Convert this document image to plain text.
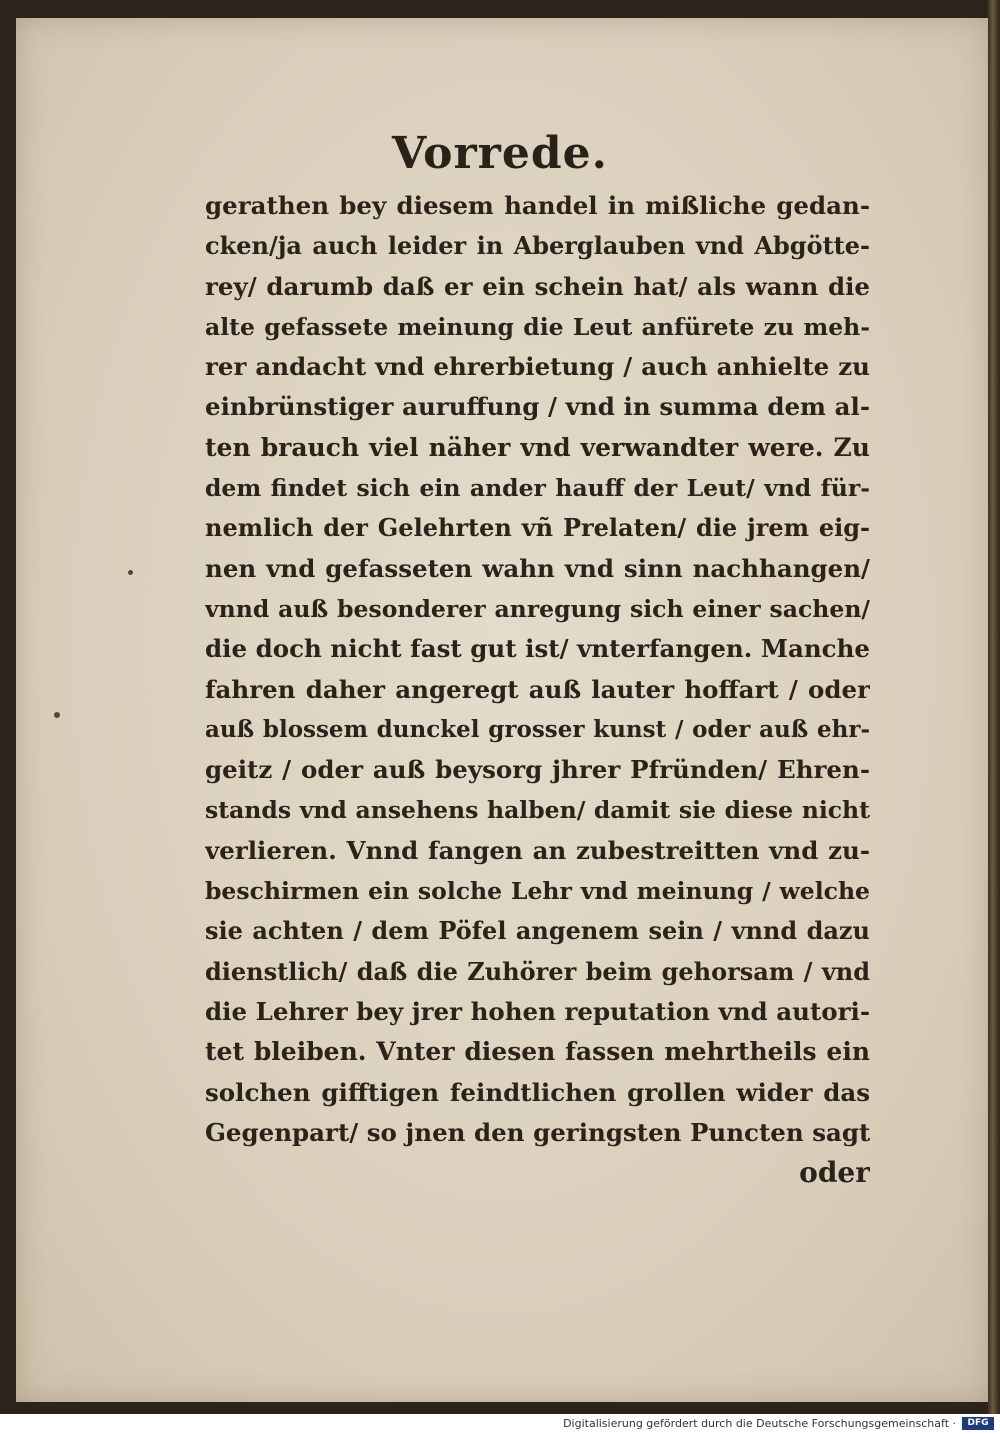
Vorrede.
gerathen bey diesem handel in mißliche gedan-
cken/ja auch leider in Aberglauben vnd Abgötte-
rey/ darumb daß er ein schein hat/ als wann die
alte gefassete meinung die Leut anfürete zu meh-
rer andacht vnd ehrerbietung / auch anhielte zu
einbrünstiger auruffung / vnd in summa dem al-
ten brauch viel näher vnd verwandter were. Zu
dem findet sich ein ander hauff der Leut/ vnd für-
nemlich der Gelehrten vñ Prelaten/ die jrem eig-
nen vnd gefasseten wahn vnd sinn nachhangen/
vnnd auß besonderer anregung sich einer sachen/
die doch nicht fast gut ist/ vnterfangen. Manche
fahren daher angeregt auß lauter hoffart / oder
auß blossem dunckel grosser kunst / oder auß ehr-
geitz / oder auß beysorg jhrer Pfründen/ Ehren-
stands vnd ansehens halben/ damit sie diese nicht
verlieren. Vnnd fangen an zubestreitten vnd zu-
beschirmen ein solche Lehr vnd meinung / welche
sie achten / dem Pöfel angenem sein / vnnd dazu
dienstlich/ daß die Zuhörer beim gehorsam / vnd
die Lehrer bey jrer hohen reputation vnd autori-
tet bleiben. Vnter diesen fassen mehrtheils ein
solchen gifftigen feindtlichen grollen wider das
Gegenpart/ so jnen den geringsten Puncten sagt
oder
Digitalisierung gefördert durch die Deutsche Forschungsgemeinschaft ·	DFG
